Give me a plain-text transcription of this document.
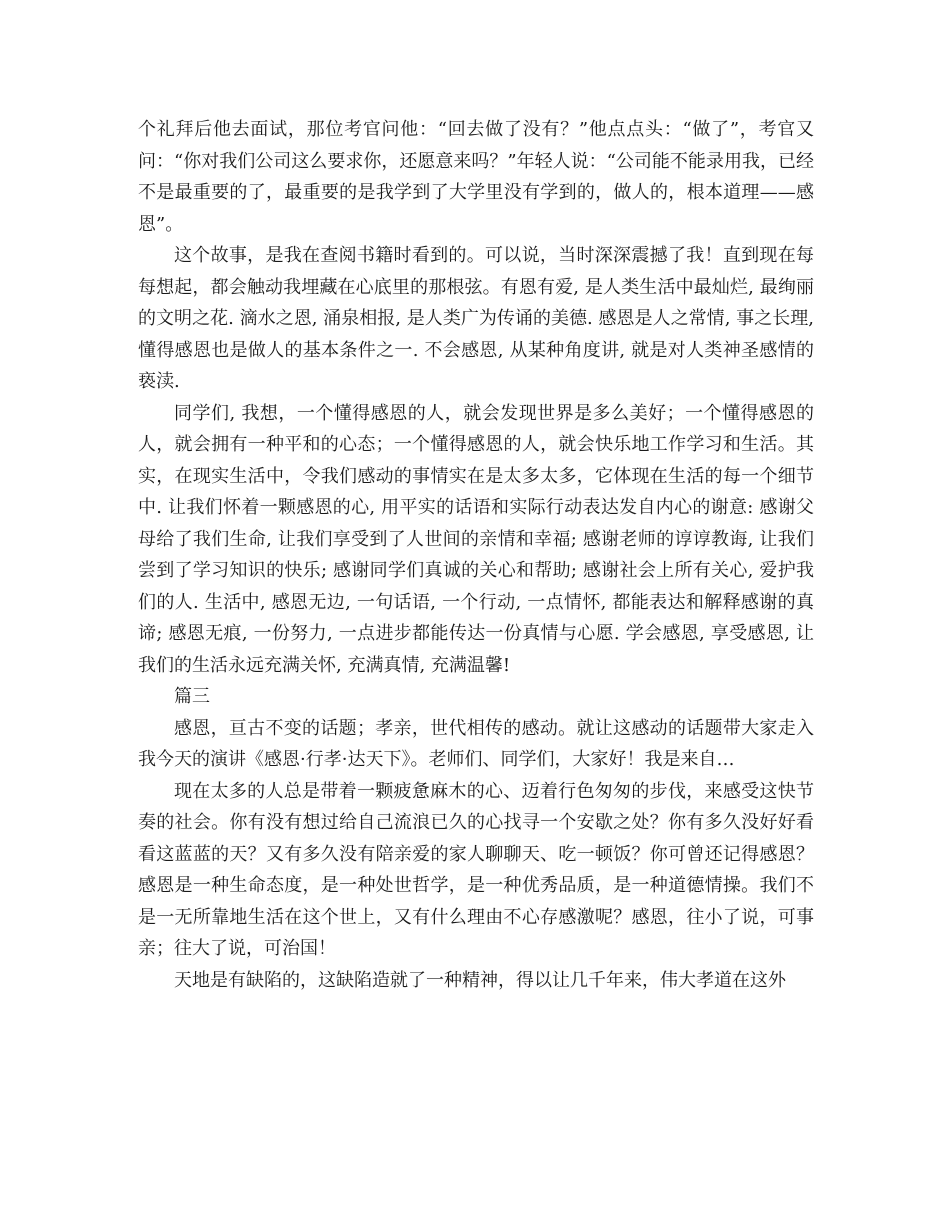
个礼拜后他去面试，那位考官问他：“回去做了没有？”他点点头：“做了”，考官又问：“你对我们公司这么要求你，还愿意来吗？”年轻人说：“公司能不能录用我，已经不是最重要的了，最重要的是我学到了大学里没有学到的，做人的，根本道理——感恩”。

这个故事，是我在查阅书籍时看到的。可以说，当时深深震撼了我！直到现在每每想起，都会触动我埋藏在心底里的那根弦。有恩有爱, 是人类生活中最灿烂, 最绚丽的文明之花. 滴水之恩, 涌泉相报, 是人类广为传诵的美德. 感恩是人之常情, 事之长理, 懂得感恩也是做人的基本条件之一. 不会感恩, 从某种角度讲, 就是对人类神圣感情的亵渎.

同学们, 我想，一个懂得感恩的人，就会发现世界是多么美好；一个懂得感恩的人，就会拥有一种平和的心态；一个懂得感恩的人，就会快乐地工作学习和生活。其实，在现实生活中，令我们感动的事情实在是太多太多，它体现在生活的每一个细节中. 让我们怀着一颗感恩的心, 用平实的话语和实际行动表达发自内心的谢意: 感谢父母给了我们生命, 让我们享受到了人世间的亲情和幸福; 感谢老师的谆谆教诲, 让我们尝到了学习知识的快乐; 感谢同学们真诚的关心和帮助; 感谢社会上所有关心, 爱护我们的人. 生活中, 感恩无边, 一句话语, 一个行动, 一点情怀, 都能表达和解释感谢的真谛; 感恩无痕, 一份努力, 一点进步都能传达一份真情与心愿. 学会感恩, 享受感恩, 让我们的生活永远充满关怀, 充满真情, 充满温馨!

篇三

感恩，亘古不变的话题；孝亲，世代相传的感动。就让这感动的话题带大家走入我今天的演讲《感恩·行孝·达天下》。老师们、同学们，大家好！我是来自…

现在太多的人总是带着一颗疲惫麻木的心、迈着行色匆匆的步伐，来感受这快节奏的社会。你有没有想过给自己流浪已久的心找寻一个安歇之处？你有多久没好好看看这蓝蓝的天？又有多久没有陪亲爱的家人聊聊天、吃一顿饭？你可曾还记得感恩？感恩是一种生命态度，是一种处世哲学，是一种优秀品质，是一种道德情操。我们不是一无所靠地生活在这个世上，又有什么理由不心存感激呢？感恩，往小了说，可事亲；往大了说，可治国！

天地是有缺陷的，这缺陷造就了一种精神，得以让几千年来，伟大孝道在这外
